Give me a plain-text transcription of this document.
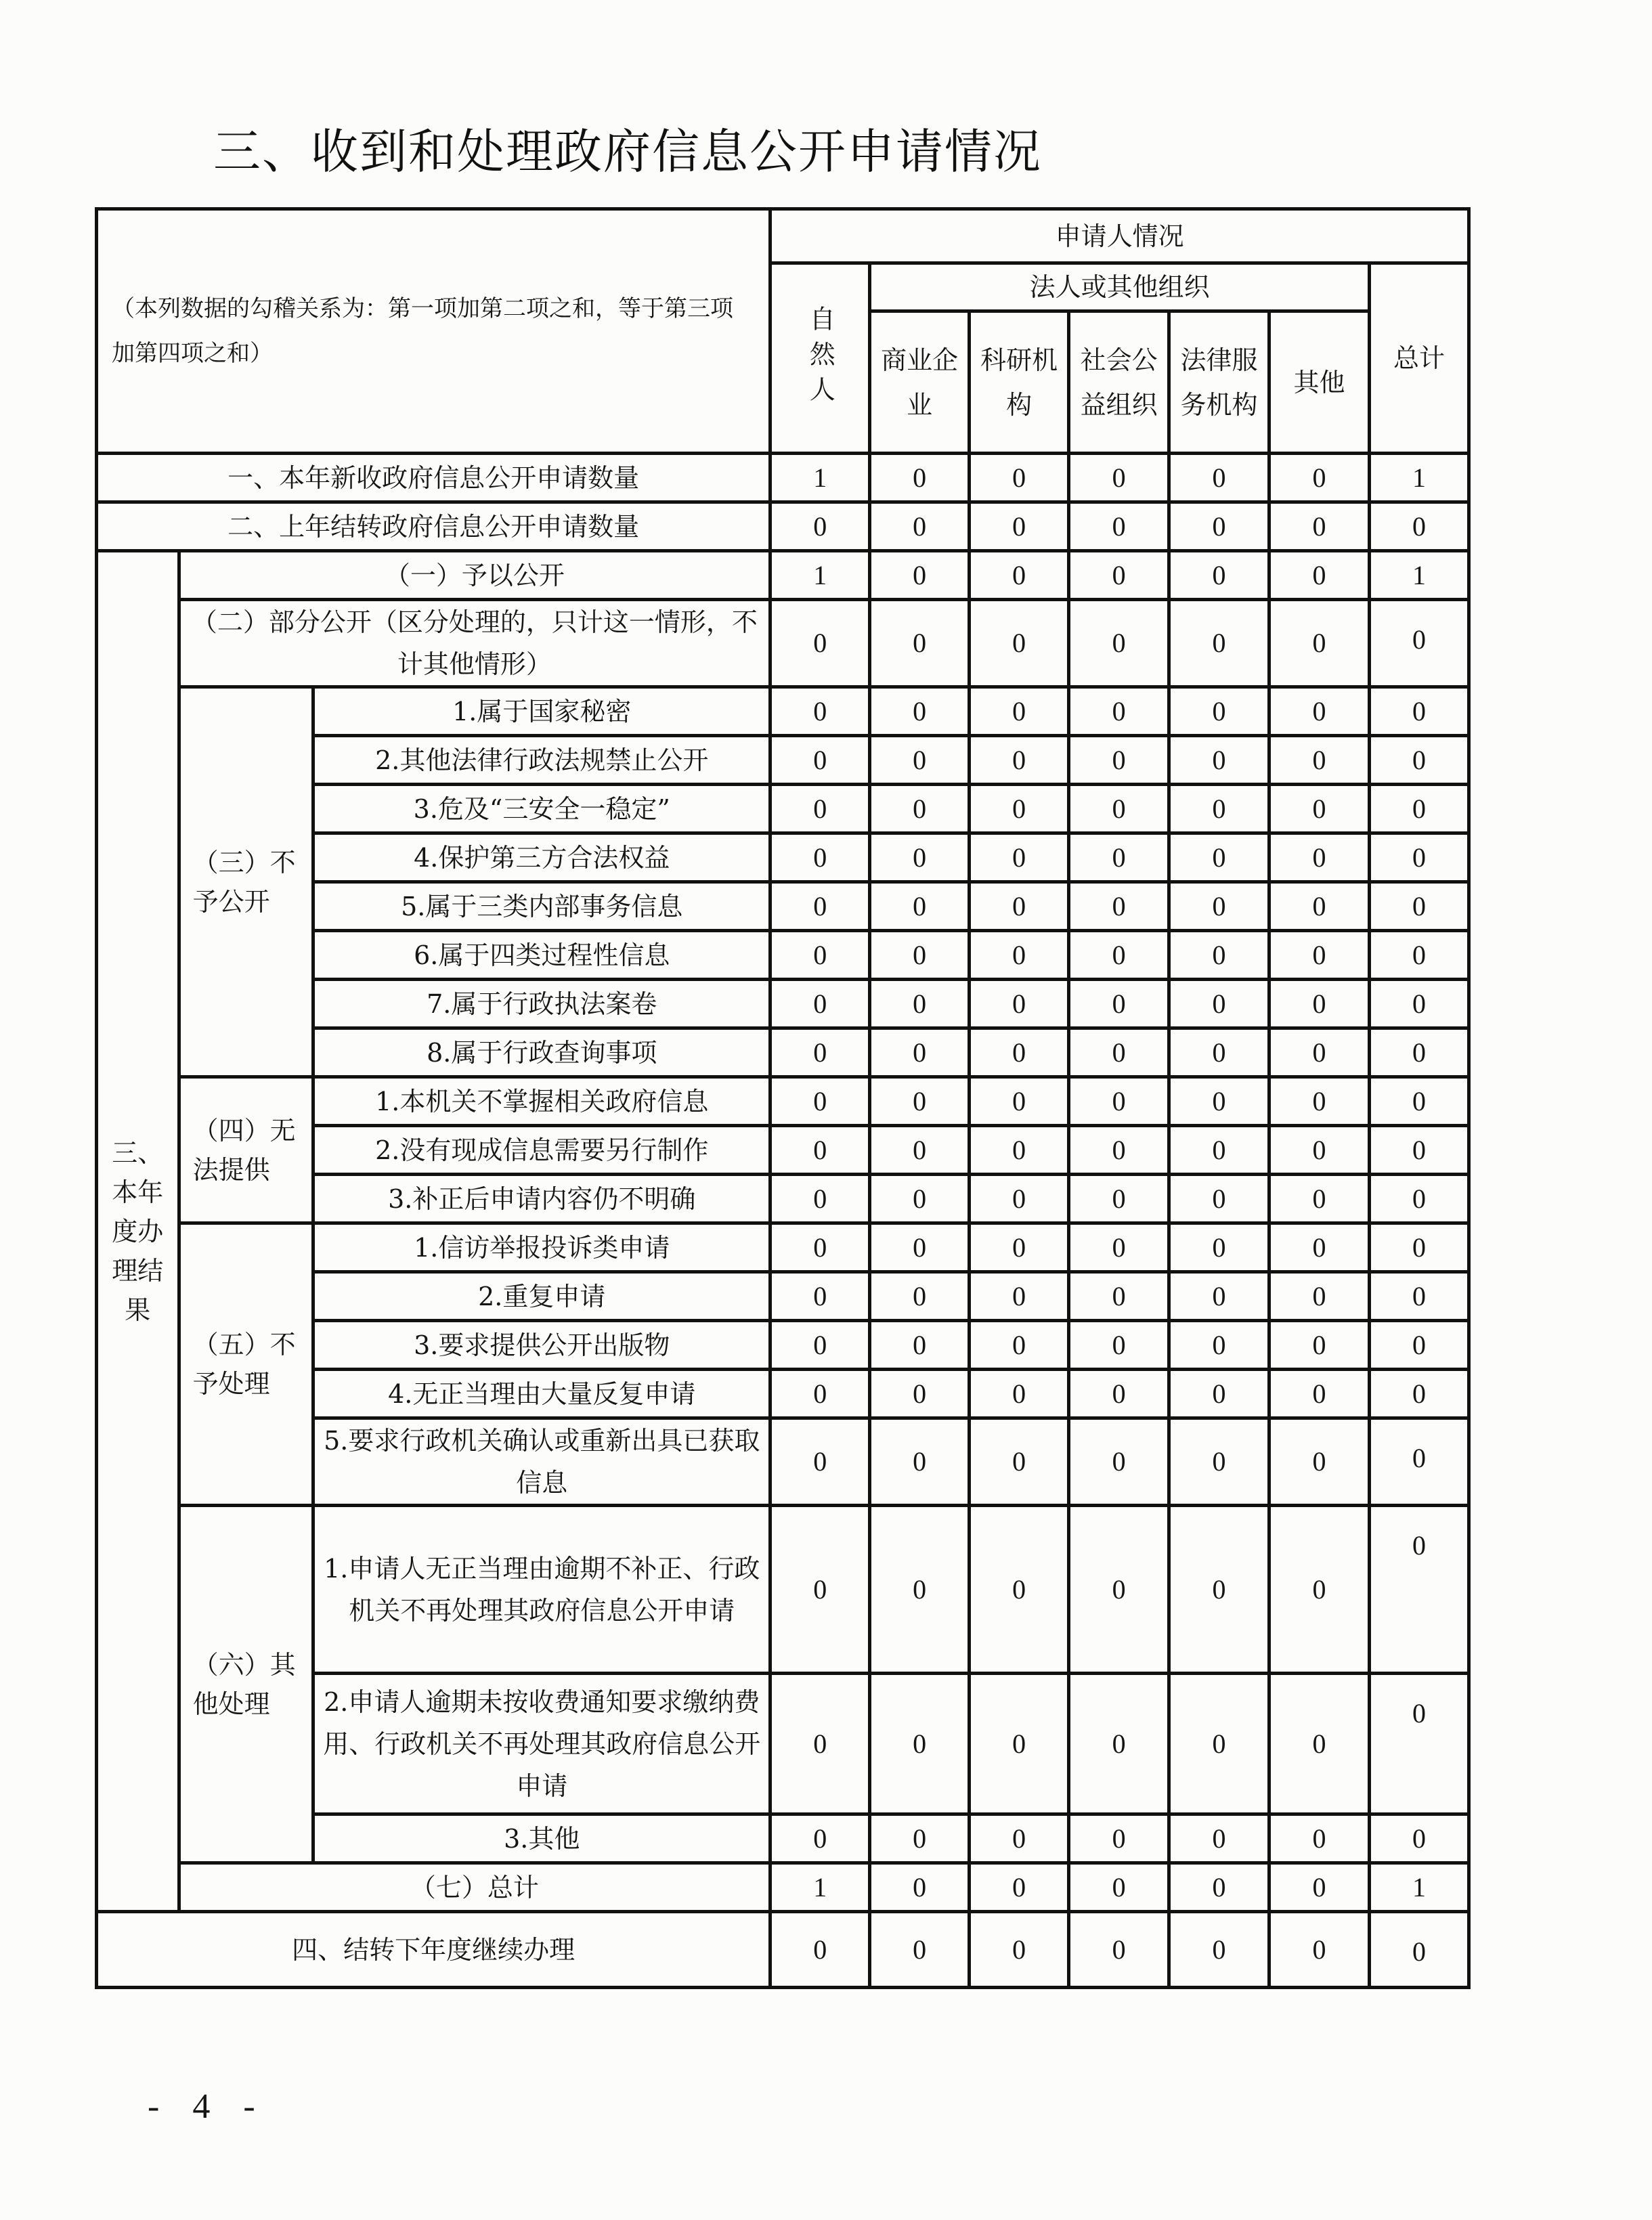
三、收到和处理政府信息公开申请情况
（本列数据的勾稽关系为：第一项加第二项之和，等于第三项加第四项之和）			申请人情况						
			自然人	法人或其他组织					总计
				商业企业	科研机构	社会公益组织	法律服务机构	其他	
一、本年新收政府信息公开申请数量			1	0	0	0	0	0	1
二、上年结转政府信息公开申请数量			0	0	0	0	0	0	0
三、本年度办理结果	（一）予以公开		1	0	0	0	0	0	1
	（二）部分公开（区分处理的，只计这一情形，不计其他情形）		0	0	0	0	0	0	0
	（三）不予公开	1.属于国家秘密	0	0	0	0	0	0	0
		2.其他法律行政法规禁止公开	0	0	0	0	0	0	0
		3.危及“三安全一稳定”	0	0	0	0	0	0	0
		4.保护第三方合法权益	0	0	0	0	0	0	0
		5.属于三类内部事务信息	0	0	0	0	0	0	0
		6.属于四类过程性信息	0	0	0	0	0	0	0
		7.属于行政执法案卷	0	0	0	0	0	0	0
		8.属于行政查询事项	0	0	0	0	0	0	0
	（四）无法提供	1.本机关不掌握相关政府信息	0	0	0	0	0	0	0
		2.没有现成信息需要另行制作	0	0	0	0	0	0	0
		3.补正后申请内容仍不明确	0	0	0	0	0	0	0
	（五）不予处理	1.信访举报投诉类申请	0	0	0	0	0	0	0
		2.重复申请	0	0	0	0	0	0	0
		3.要求提供公开出版物	0	0	0	0	0	0	0
		4.无正当理由大量反复申请	0	0	0	0	0	0	0
		5.要求行政机关确认或重新出具已获取信息	0	0	0	0	0	0	0
	（六）其他处理	1.申请人无正当理由逾期不补正、行政机关不再处理其政府信息公开申请	0	0	0	0	0	0	0
		2.申请人逾期未按收费通知要求缴纳费用、行政机关不再处理其政府信息公开申请	0	0	0	0	0	0	0
		3.其他	0	0	0	0	0	0	0
	（七）总计		1	0	0	0	0	0	1
四、结转下年度继续办理			0	0	0	0	0	0	0
- 4 -
